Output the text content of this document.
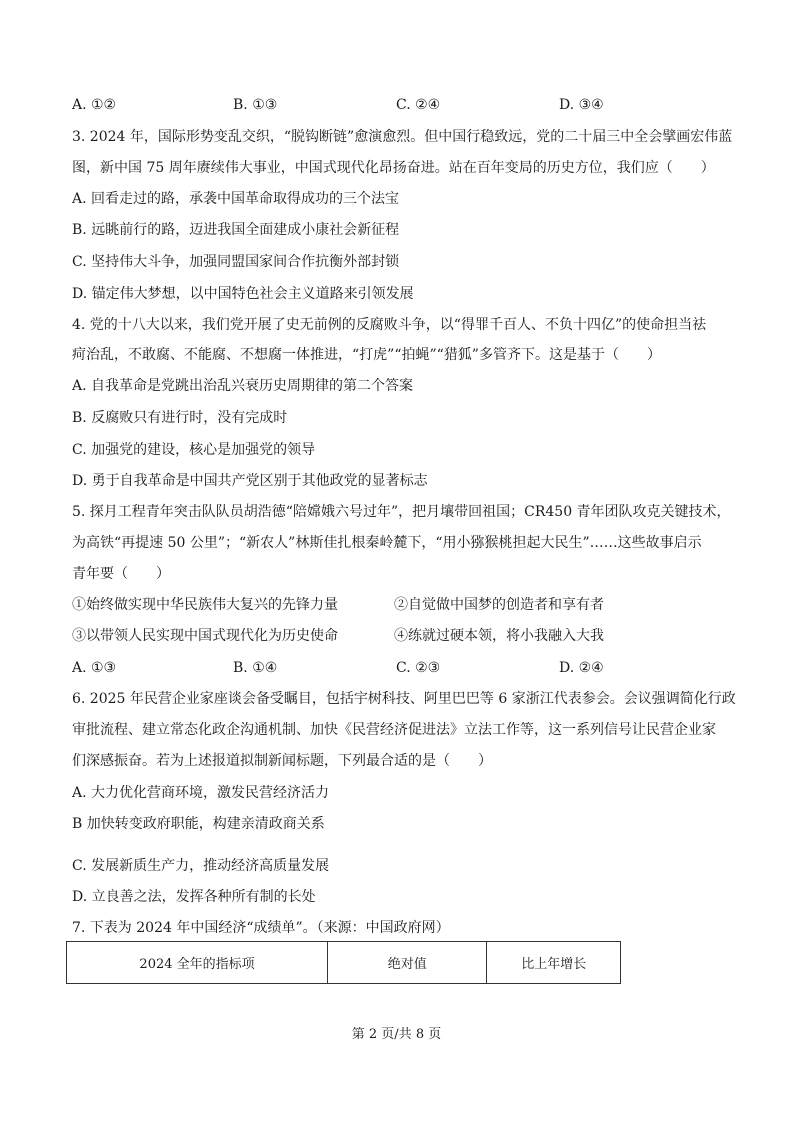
A. ①②	B. ①③	C. ②④	D. ③④
3. 2024 年，国际形势变乱交织，“脱钩断链”愈演愈烈。但中国行稳致远，党的二十届三中全会擘画宏伟蓝
图，新中国 75 周年赓续伟大事业，中国式现代化昂扬奋进。站在百年变局的历史方位，我们应（　　）
A. 回看走过的路，承袭中国革命取得成功的三个法宝
B. 远眺前行的路，迈进我国全面建成小康社会新征程
C. 坚持伟大斗争，加强同盟国家间合作抗衡外部封锁
D. 锚定伟大梦想，以中国特色社会主义道路来引领发展
4. 党的十八大以来，我们党开展了史无前例的反腐败斗争，以“得罪千百人、不负十四亿”的使命担当祛
疴治乱，不敢腐、不能腐、不想腐一体推进，“打虎”“拍蝇”“猎狐”多管齐下。这是基于（　　）
A. 自我革命是党跳出治乱兴衰历史周期律的第二个答案
B. 反腐败只有进行时，没有完成时
C. 加强党的建设，核心是加强党的领导
D. 勇于自我革命是中国共产党区别于其他政党的显著标志
5. 探月工程青年突击队队员胡浩德“陪嫦娥六号过年”，把月壤带回祖国；CR450 青年团队攻克关键技术，
为高铁“再提速 50 公里”；“新农人”林斯佳扎根秦岭麓下，“用小猕猴桃担起大民生”……这些故事启示
青年要（　　）
①始终做实现中华民族伟大复兴的先锋力量	②自觉做中国梦的创造者和享有者
③以带领人民实现中国式现代化为历史使命	④练就过硬本领，将小我融入大我
A. ①③	B. ①④	C. ②③	D. ②④
6. 2025 年民营企业家座谈会备受瞩目，包括宇树科技、阿里巴巴等 6 家浙江代表参会。会议强调简化行政
审批流程、建立常态化政企沟通机制、加快《民营经济促进法》立法工作等，这一系列信号让民营企业家
们深感振奋。若为上述报道拟制新闻标题，下列最合适的是（　　）
A. 大力优化营商环境，激发民营经济活力
B 加快转变政府职能，构建亲清政商关系
C. 发展新质生产力，推动经济高质量发展
D. 立良善之法，发挥各种所有制的长处
7. 下表为 2024 年中国经济“成绩单”。（来源：中国政府网）
2024 全年的指标项	绝对值	比上年增长
第 2 页/共 8 页
